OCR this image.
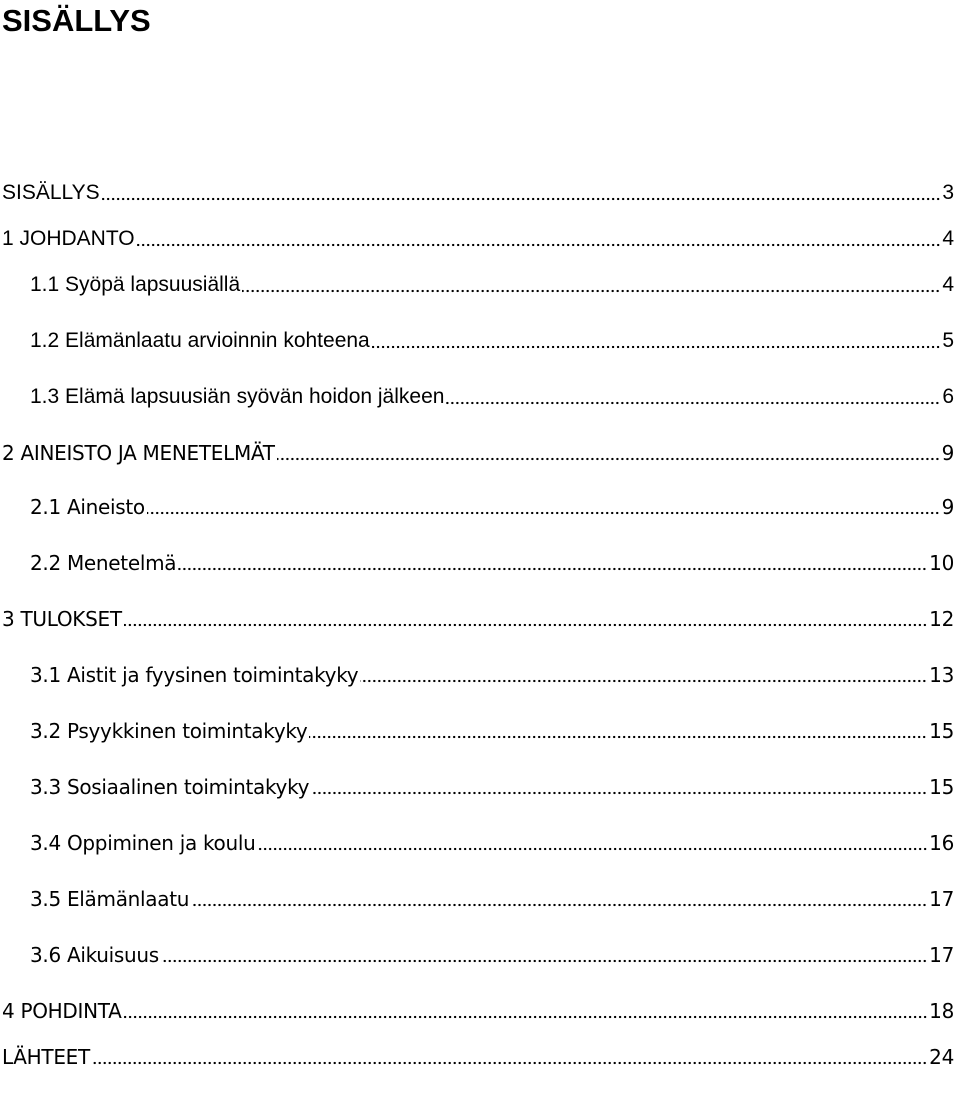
SISÄLLYS
SISÄLLYS	3
1 JOHDANTO	4
1.1 Syöpä lapsuusiällä	4
1.2 Elämänlaatu arvioinnin kohteena	5
1.3 Elämä lapsuusiän syövän hoidon jälkeen	6
2 AINEISTO JA MENETELMÄT	9
2.1 Aineisto	9
2.2 Menetelmä	10
3 TULOKSET	12
3.1 Aistit ja fyysinen toimintakyky	13
3.2 Psyykkinen toimintakyky	15
3.3 Sosiaalinen toimintakyky	15
3.4 Oppiminen ja koulu	16
3.5 Elämänlaatu	17
3.6 Aikuisuus	17
4 POHDINTA	18
LÄHTEET	24
